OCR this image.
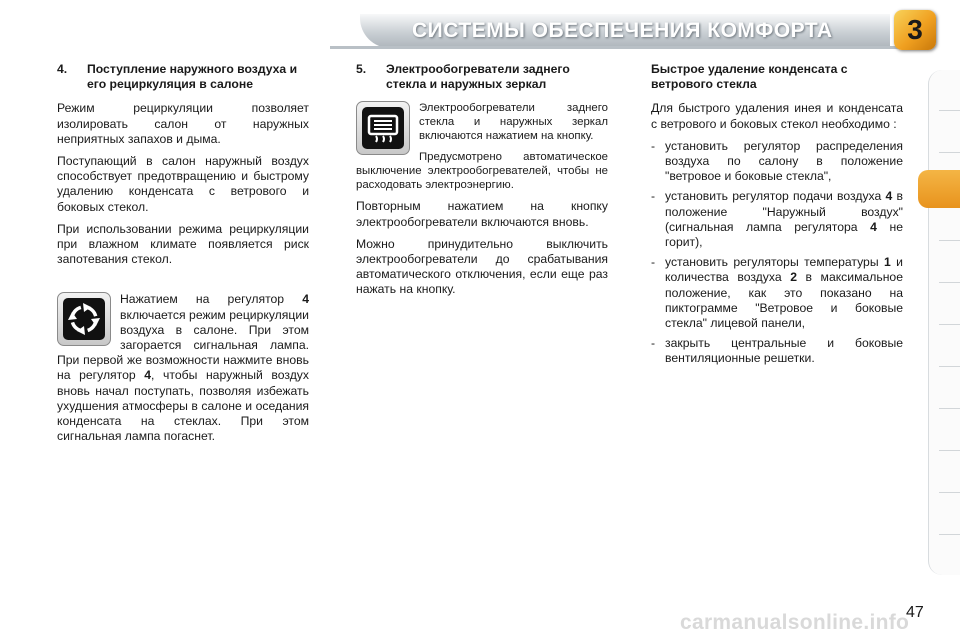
СИСТЕМЫ ОБЕСПЕЧЕНИЯ КОМФОРТА	3
4.	Поступление наружного воздуха и его рециркуляция в салоне

Режим рециркуляции позволяет изолировать салон от наружных неприятных запахов и дыма.

Поступающий в салон наружный воздух способствует предотвращению и быстрому удалению конденсата с ветрового и боковых стекол.

При использовании режима рециркуляции при влажном климате появляется риск запотевания стекол.

Нажатием на регулятор 4 включается режим рециркуляции воздуха в салоне. При этом загорается сигнальная лампа. При первой же возможности нажмите вновь на регулятор 4, чтобы наружный воздух вновь начал поступать, позволяя избежать ухудшения атмосферы в салоне и оседания конденсата на стеклах. При этом сигнальная лампа погаснет.

5.	Электрообогреватели заднего стекла и наружных зеркал

Электрообогреватели заднего стекла и наружных зеркал включаются нажатием на кнопку.

Предусмотрено автоматическое выключение электрообогревателей, чтобы не расходовать электроэнергию.

Повторным нажатием на кнопку электрообогреватели включаются вновь.

Можно принудительно выключить электрообогреватели до срабатывания автоматического отключения, если еще раз нажать на кнопку.

Быстрое удаление конденсата с ветрового стекла

Для быстрого удаления инея и конденсата с ветрового и боковых стекол необходимо :

- установить регулятор распределения воздуха по салону в положение "ветровое и боковые стекла",
- установить регулятор подачи воздуха 4 в положение "Наружный воздух" (сигнальная лампа регулятора 4 не горит),
- установить регуляторы температуры 1 и количества воздуха 2 в максимальное положение, как это показано на пиктограмме "Ветровое и боковые стекла" лицевой панели,
- закрыть центральные и боковые вентиляционные решетки.
carmanualsonline.info
47
